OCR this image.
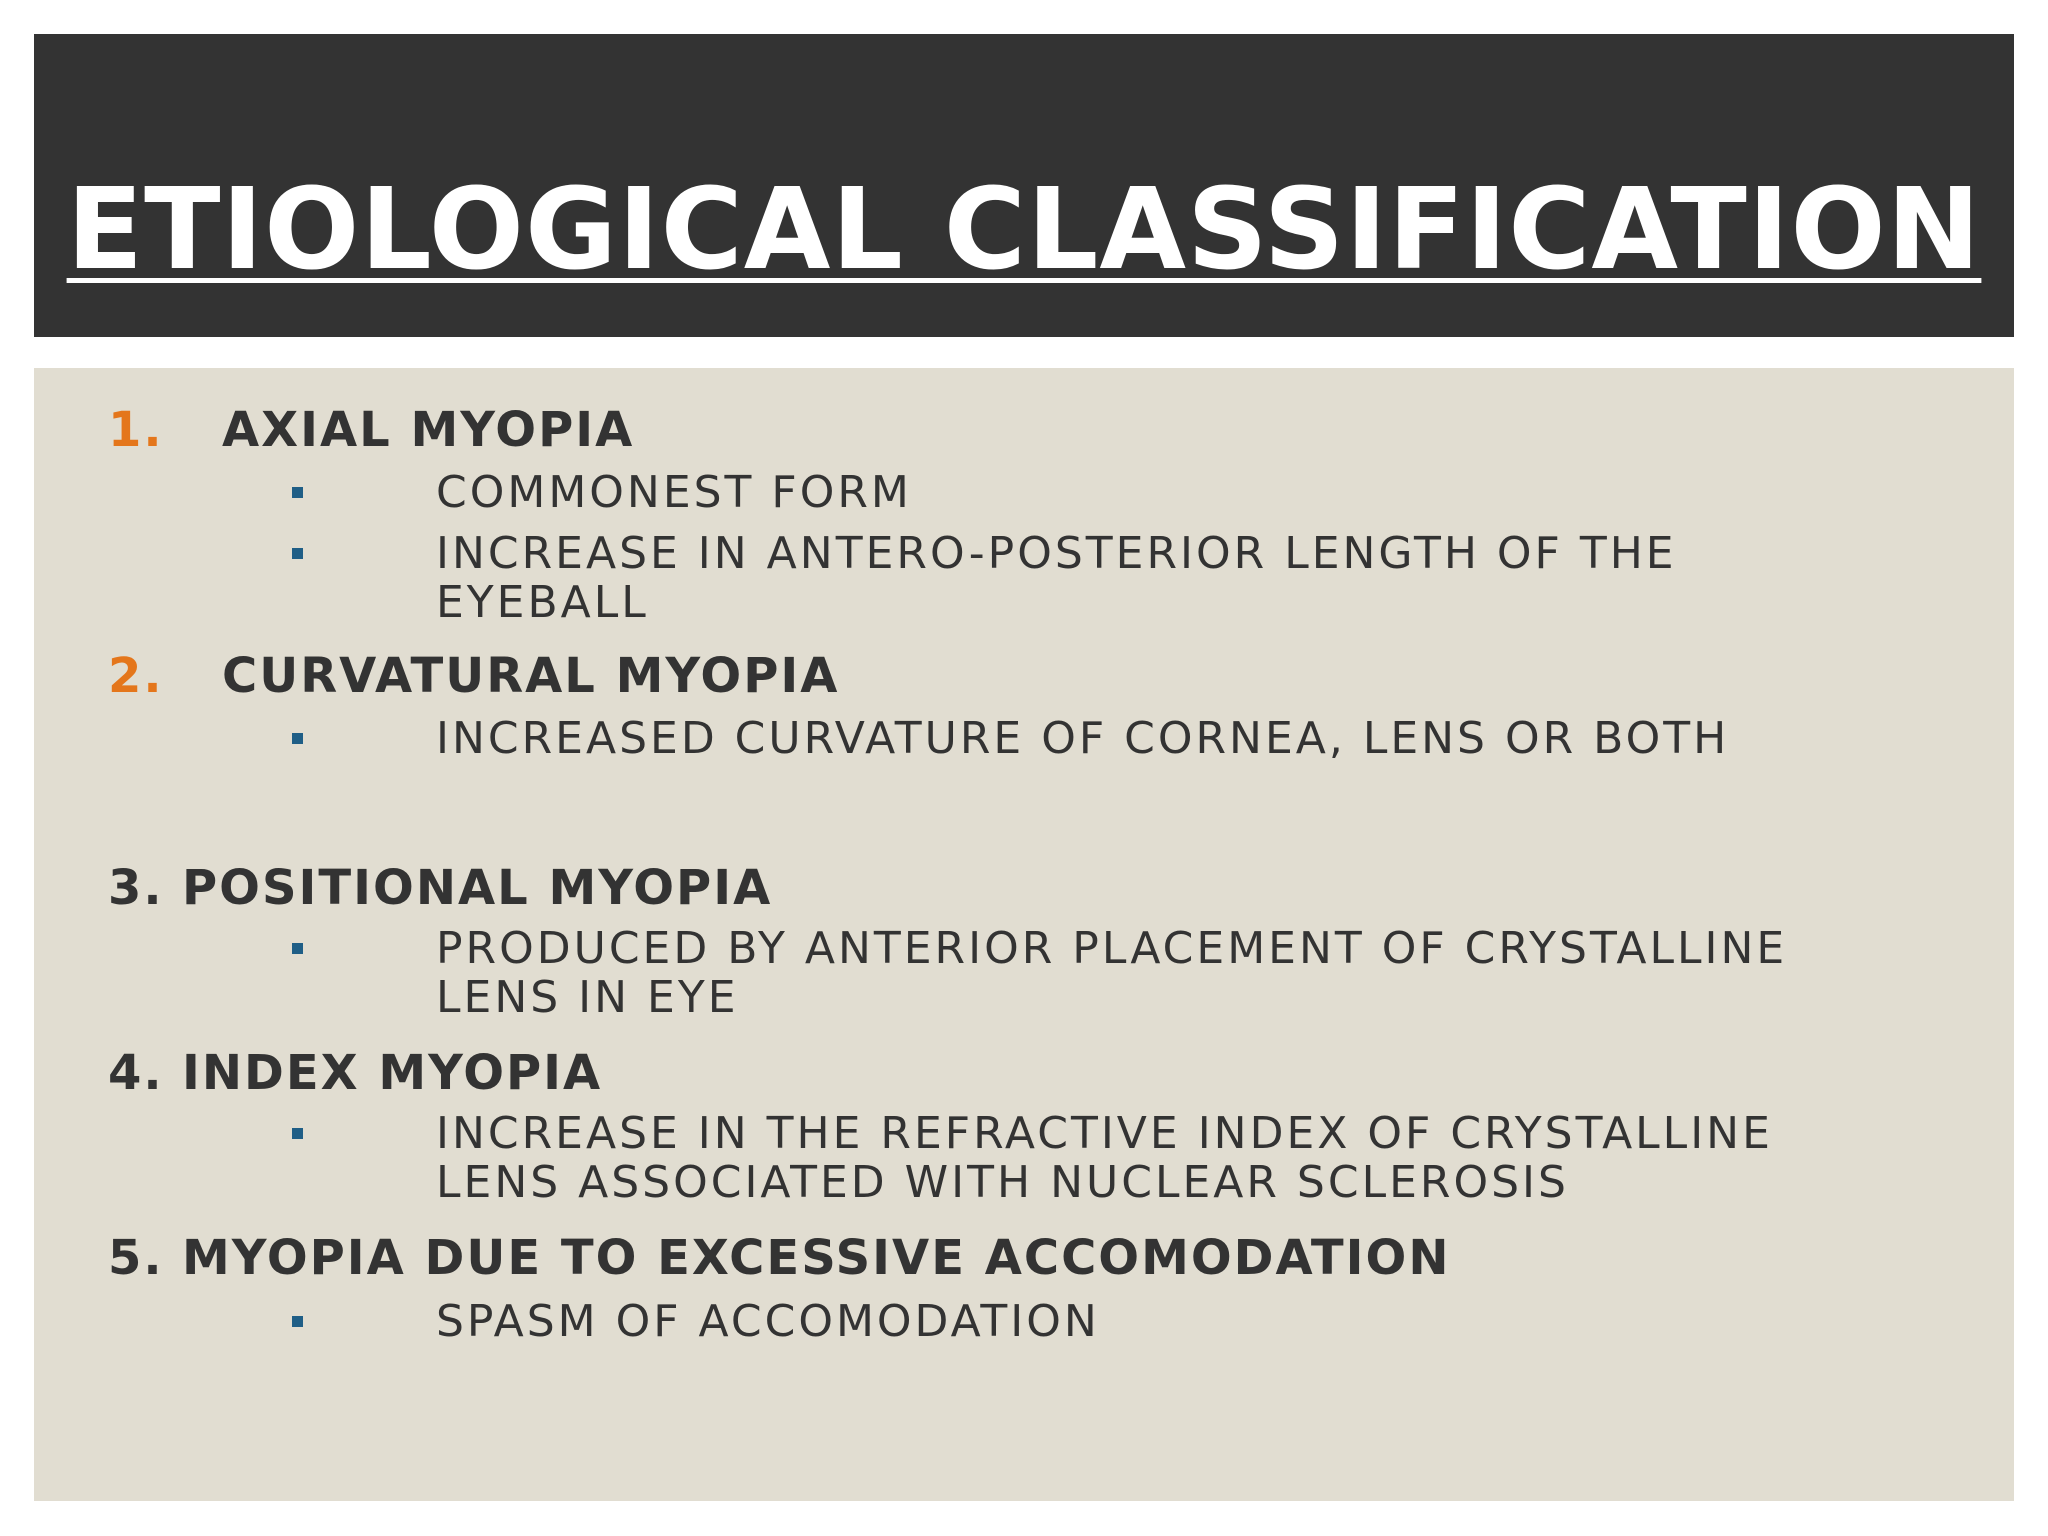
ETIOLOGICAL CLASSIFICATION
1. AXIAL MYOPIA
COMMONEST FORM
INCREASE IN ANTERO-POSTERIOR LENGTH OF THE
EYEBALL
2. CURVATURAL MYOPIA
INCREASED CURVATURE OF CORNEA, LENS OR BOTH
3. POSITIONAL MYOPIA
PRODUCED BY ANTERIOR PLACEMENT OF CRYSTALLINE
LENS IN EYE
4. INDEX MYOPIA
INCREASE IN THE REFRACTIVE INDEX OF CRYSTALLINE
LENS ASSOCIATED WITH NUCLEAR SCLEROSIS
5. MYOPIA DUE TO EXCESSIVE ACCOMODATION
SPASM OF ACCOMODATION
